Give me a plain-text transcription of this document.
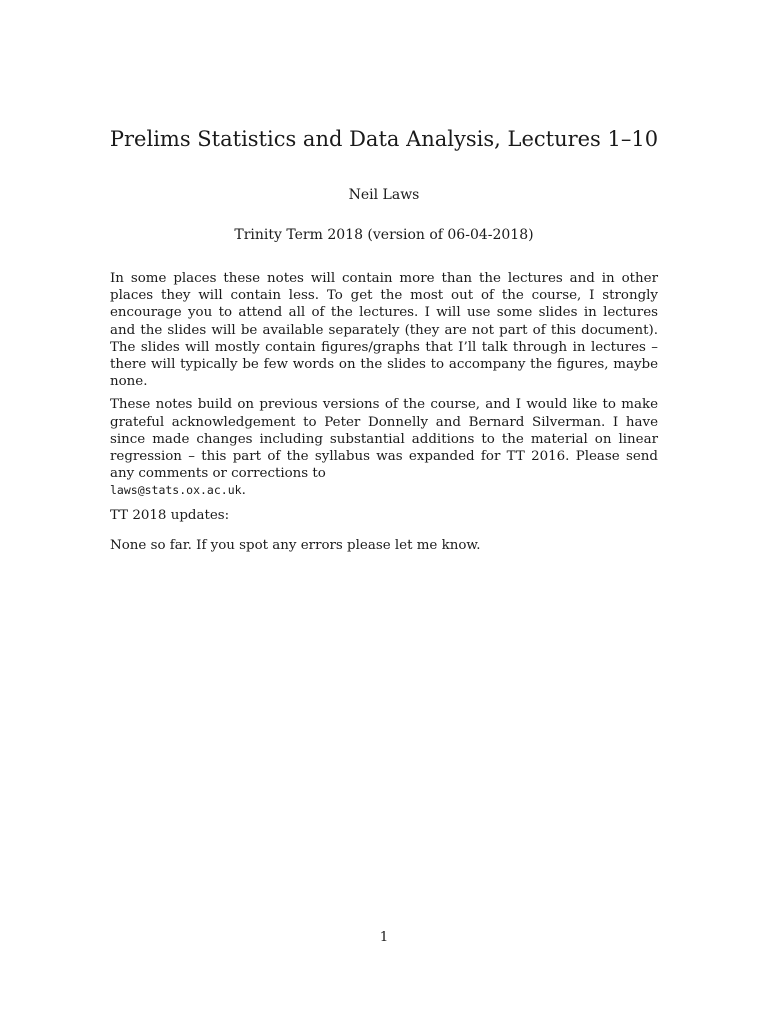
Prelims Statistics and Data Analysis, Lectures 1–10
Neil Laws
Trinity Term 2018 (version of 06-04-2018)

In some places these notes will contain more than the lectures and in other places they will contain less. To get the most out of the course, I strongly encourage you to attend all of the lectures. I will use some slides in lectures and the slides will be available separately (they are not part of this document). The slides will mostly contain figures/graphs that I’ll talk through in lectures – there will typically be few words on the slides to accompany the figures, maybe none.

These notes build on previous versions of the course, and I would like to make grateful acknowledgement to Peter Donnelly and Bernard Silverman. I have since made changes including substantial additions to the material on linear regression – this part of the syllabus was expanded for TT 2016. Please send any comments or corrections to
laws@stats.ox.ac.uk.

TT 2018 updates:
None so far. If you spot any errors please let me know.
1
